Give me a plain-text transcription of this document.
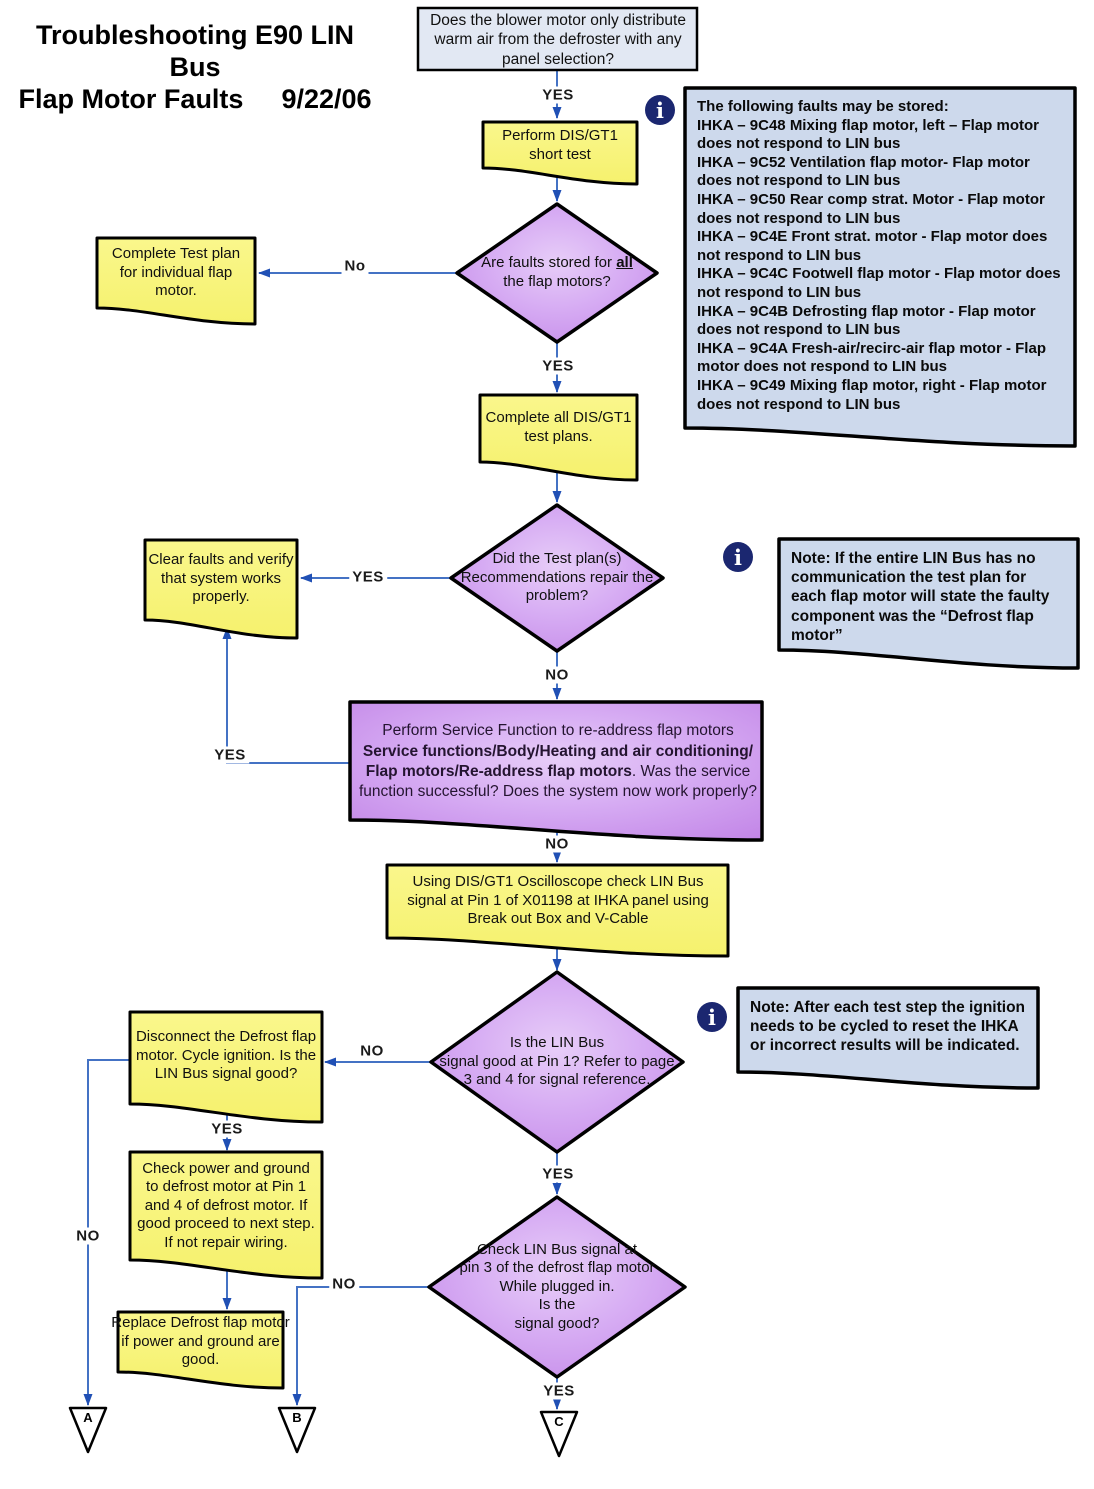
Troubleshooting E90 LIN Bus
Flap Motor Faults 9/22/06
Does the blower motor only distribute
warm air from the defroster with any
panel selection?
Perform DIS/GT1
short test
Complete Test plan
for individual flap
motor.
Are faults stored for all
the flap motors?
Complete all DIS/GT1
test plans.
Did the Test plan(s)
Recommendations repair the
problem?
Clear faults and verify
that system works
properly.
Perform Service Function to re-address flap motors
Service functions/Body/Heating and air conditioning/
Flap motors/Re-address flap motors. Was the service
function successful? Does the system now work properly?
Using DIS/GT1 Oscilloscope check LIN Bus
signal at Pin 1 of X01198 at IHKA panel using
Break out Box and V-Cable
Is the LIN Bus
signal good at Pin 1? Refer to page
3 and 4 for signal reference.
Disconnect the Defrost flap
motor. Cycle ignition. Is the
LIN Bus signal good?
Check power and ground
to defrost motor at Pin 1
and 4 of defrost motor. If
good proceed to next step.
If not repair wiring.
Replace Defrost flap motor
if power and ground are
good.
Check LIN Bus signal at
pin 3 of the defrost flap motor
While plugged in.
Is the
signal good?
The following faults may be stored:
IHKA – 9C48 Mixing flap motor, left – Flap motor does not respond to LIN bus
IHKA – 9C52 Ventilation flap motor- Flap motor does not respond to LIN bus
IHKA – 9C50 Rear comp strat. Motor - Flap motor does not respond to LIN bus
IHKA – 9C4E Front strat. motor - Flap motor does not respond to LIN bus
IHKA – 9C4C Footwell flap motor - Flap motor does not respond to LIN bus
IHKA – 9C4B Defrosting flap motor - Flap motor does not respond to LIN bus
IHKA – 9C4A Fresh-air/recirc-air flap motor - Flap motor does not respond to LIN bus
IHKA – 9C49 Mixing flap motor, right - Flap motor does not respond to LIN bus
Note: If the entire LIN Bus has no communication the test plan for each flap motor will state the faulty component was the “Defrost flap motor”
Note: After each test step the ignition needs to be cycled to reset the IHKA or incorrect results will be indicated.
i
i
i
YES
No
YES
YES
NO
YES
NO
NO
YES
NO
NO
YES
YES
A	B	C
